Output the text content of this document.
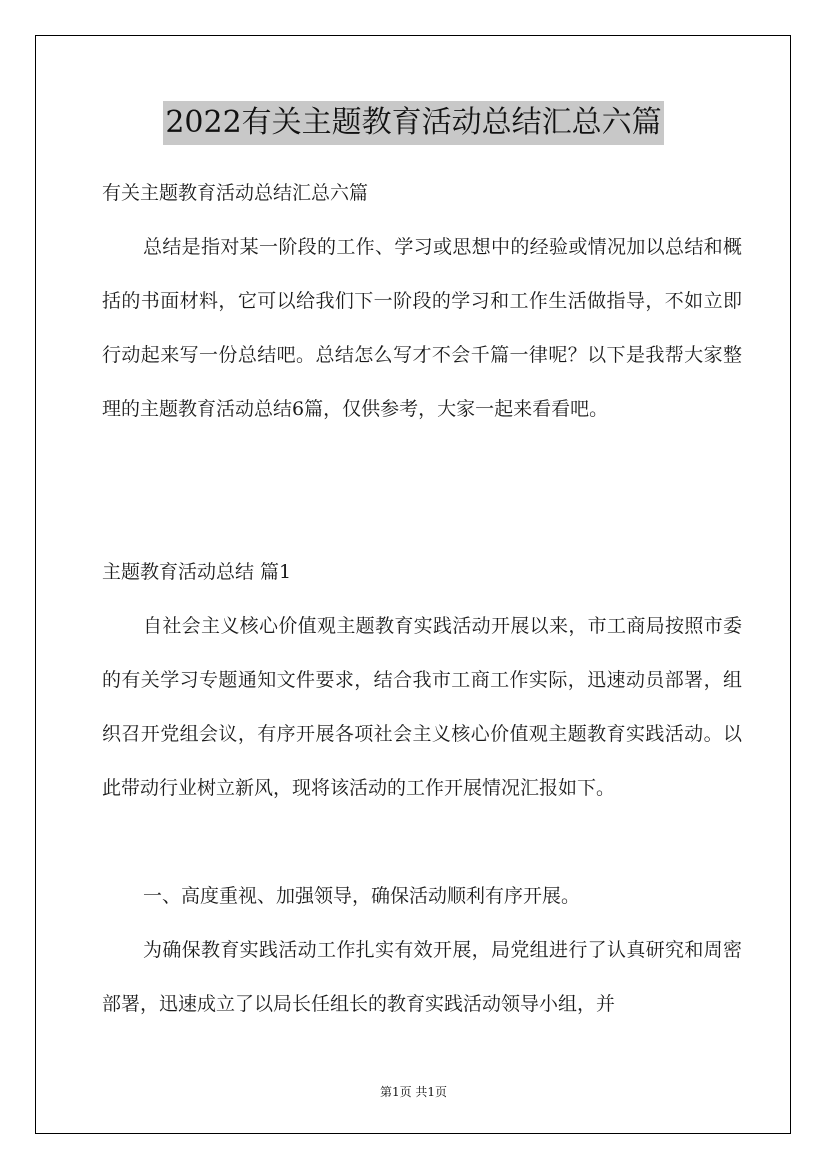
2022有关主题教育活动总结汇总六篇

有关主题教育活动总结汇总六篇

总结是指对某一阶段的工作、学习或思想中的经验或情况加以总结和概括的书面材料，它可以给我们下一阶段的学习和工作生活做指导，不如立即行动起来写一份总结吧。总结怎么写才不会千篇一律呢？以下是我帮大家整理的主题教育活动总结6篇，仅供参考，大家一起来看看吧。

主题教育活动总结 篇1

自社会主义核心价值观主题教育实践活动开展以来，市工商局按照市委的有关学习专题通知文件要求，结合我市工商工作实际，迅速动员部署，组织召开党组会议，有序开展各项社会主义核心价值观主题教育实践活动。以此带动行业树立新风，现将该活动的工作开展情况汇报如下。

一、高度重视、加强领导，确保活动顺利有序开展。

为确保教育实践活动工作扎实有效开展，局党组进行了认真研究和周密部署，迅速成立了以局长任组长的教育实践活动领导小组，并

第1页 共1页
